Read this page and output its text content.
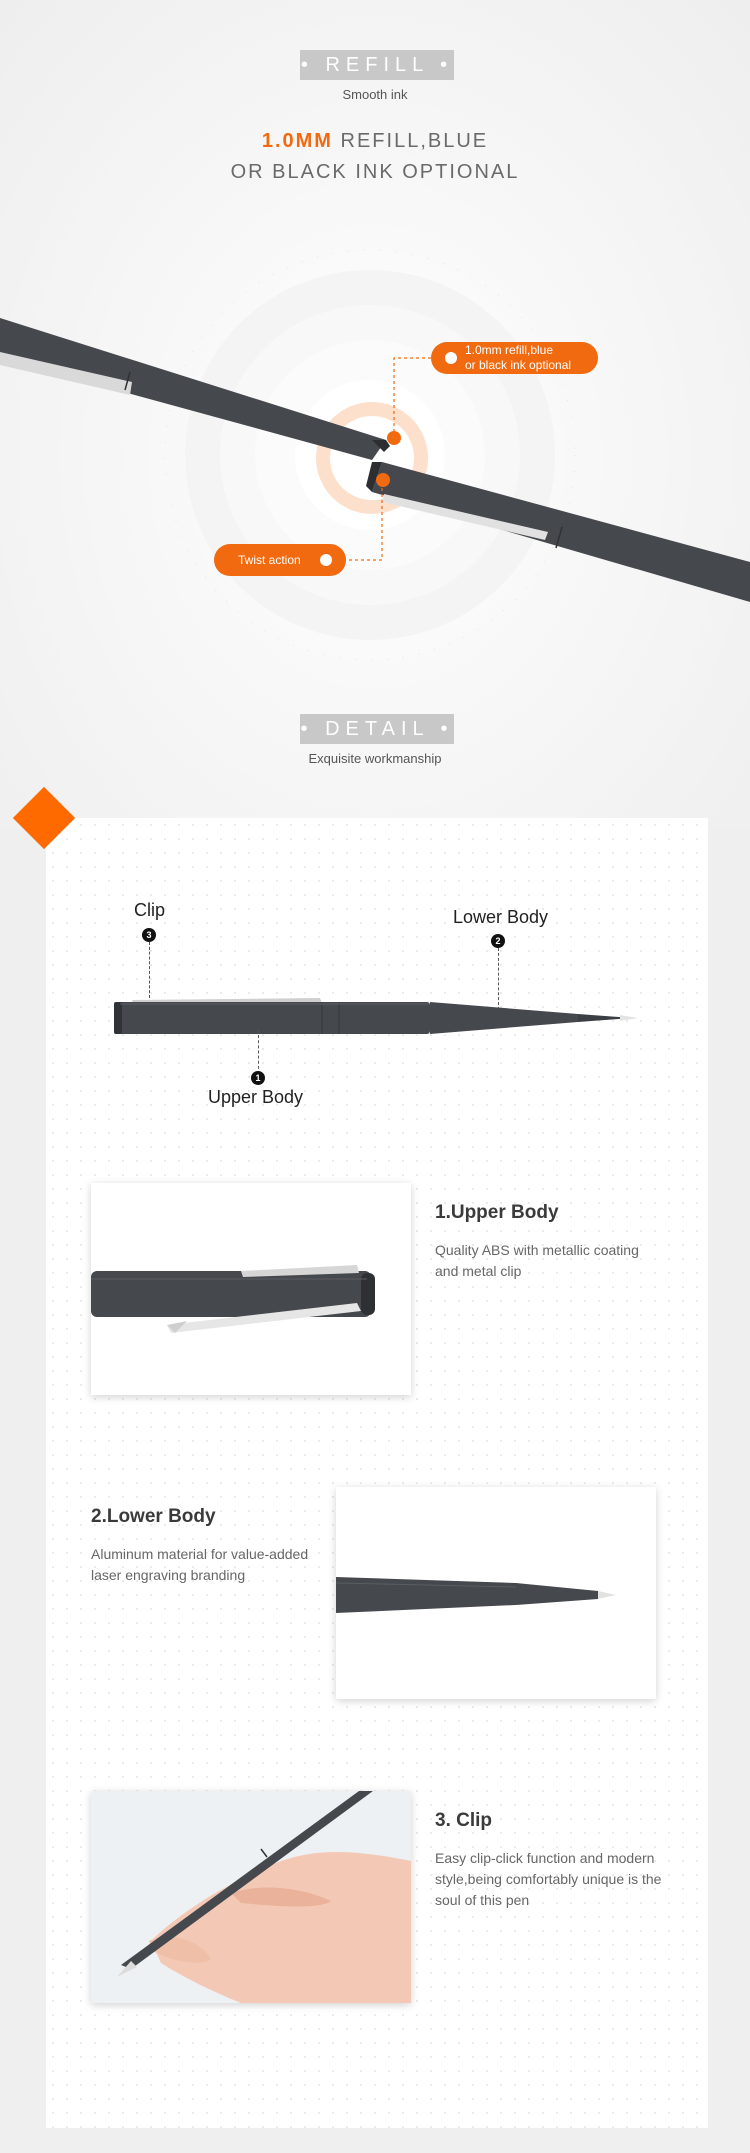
• REFILL •
Smooth ink
1.0MM REFILL,BLUE
OR BLACK INK OPTIONAL
1.0mm refill,blue
or black ink optional
Twist action
• DETAIL •
Exquisite workmanship
Clip
3
Lower Body
2
1
Upper Body
1.Upper Body
Quality ABS with metallic coating and metal clip
2.Lower Body
Aluminum material for value-added laser engraving branding
3. Clip
Easy clip-click function and modern style,being comfortably unique is the soul of this pen
